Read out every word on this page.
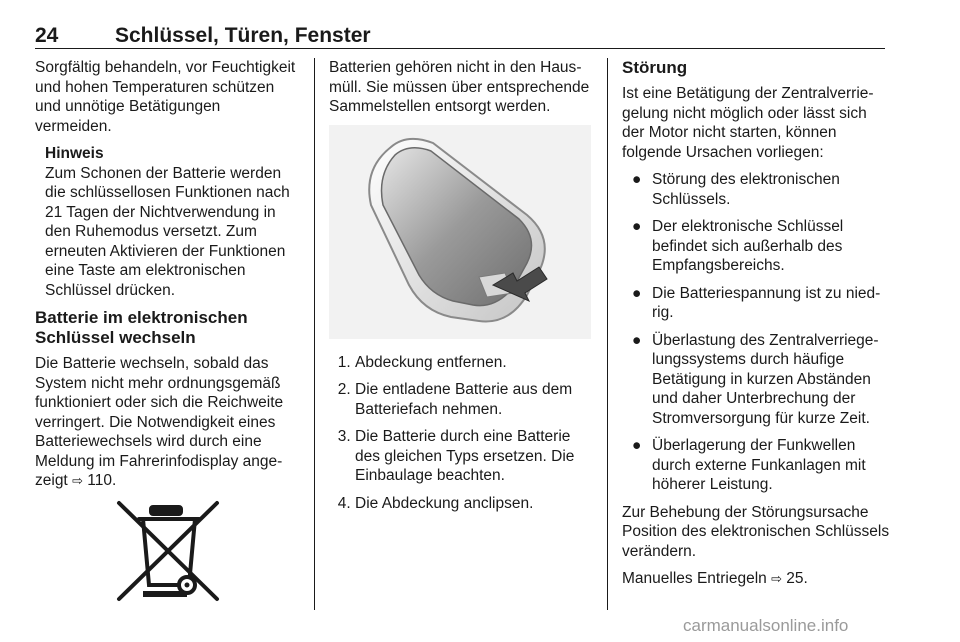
24	Schlüssel, Türen, Fenster

Sorgfältig behandeln, vor Feuchtigkeit und hohen Temperaturen schützen und unnötige Betätigungen vermeiden.

Hinweis
Zum Schonen der Batterie werden die schlüssellosen Funktionen nach 21 Tagen der Nichtverwendung in den Ruhemodus versetzt. Zum erneuten Aktivieren der Funktionen eine Taste am elektronischen Schlüssel drücken.
Batterie im elektronischen Schlüssel wechseln

Die Batterie wechseln, sobald das System nicht mehr ordnungsgemäß funktioniert oder sich die Reichweite verringert. Die Notwendigkeit eines Batteriewechsels wird durch eine Meldung im Fahrerinfodisplay angezeigt ⇨ 110.

Batterien gehören nicht in den Hausmüll. Sie müssen über entsprechende Sammelstellen entsorgt werden.

1. Abdeckung entfernen.
2. Die entladene Batterie aus dem Batteriefach nehmen.
3. Die Batterie durch eine Batterie des gleichen Typs ersetzen. Die Einbaulage beachten.
4. Die Abdeckung anclipsen.
Störung

Ist eine Betätigung der Zentralverriegelung nicht möglich oder lässt sich der Motor nicht starten, können folgende Ursachen vorliegen:

● Störung des elektronischen Schlüssels.
● Der elektronische Schlüssel befindet sich außerhalb des Empfangsbereichs.
● Die Batteriespannung ist zu niedrig.
● Überlastung des Zentralverriegelungssystems durch häufige Betätigung in kurzen Abständen und daher Unterbrechung der Stromversorgung für kurze Zeit.
● Überlagerung der Funkwellen durch externe Funkanlagen mit höherer Leistung.

Zur Behebung der Störungsursache Position des elektronischen Schlüssels verändern.

Manuelles Entriegeln ⇨ 25.

carmanualsonline.info
